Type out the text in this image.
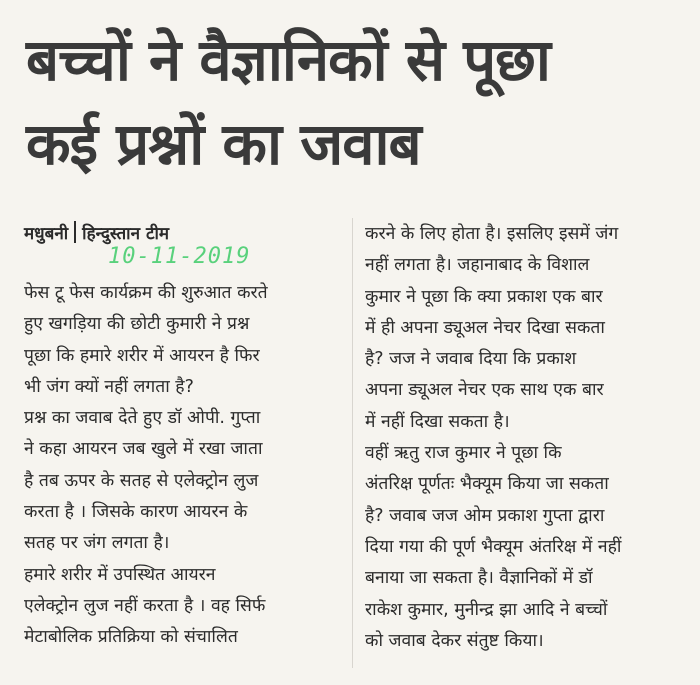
बच्चों ने वैज्ञानिकों से पूछा
कई प्रश्नों का जवाब
मधुबनी हिन्दुस्तान टीम
10-11-2019

फेस टू फेस कार्यक्रम की शुरुआत करते

हुए खगड़िया की छोटी कुमारी ने प्रश्न

पूछा कि हमारे शरीर में आयरन है फिर

भी जंग क्यों नहीं लगता है?

प्रश्न का जवाब देते हुए डॉ ओपी. गुप्ता

ने कहा आयरन जब खुले में रखा जाता

है तब ऊपर के सतह से एलेक्ट्रोन लुज

करता है । जिसके कारण आयरन के

सतह पर जंग लगता है।

हमारे शरीर में उपस्थित आयरन

एलेक्ट्रोन लुज नहीं करता है । वह सिर्फ

मेटाबोलिक प्रतिक्रिया को संचालित

करने के लिए होता है। इसलिए इसमें जंग

नहीं लगता है। जहानाबाद के विशाल

कुमार ने पूछा कि क्या प्रकाश एक बार

में ही अपना ड्यूअल नेचर दिखा सकता

है? जज ने जवाब दिया कि प्रकाश

अपना ड्यूअल नेचर एक साथ एक बार

में नहीं दिखा सकता है।

वहीं ऋतु राज कुमार ने पूछा कि

अंतरिक्ष पूर्णतः भैक्यूम किया जा सकता

है? जवाब जज ओम प्रकाश गुप्ता द्वारा

दिया गया की पूर्ण भैक्यूम अंतरिक्ष में नहीं

बनाया जा सकता है। वैज्ञानिकों में डॉ

राकेश कुमार, मुनीन्द्र झा आदि ने बच्चों

को जवाब देकर संतुष्ट किया।
